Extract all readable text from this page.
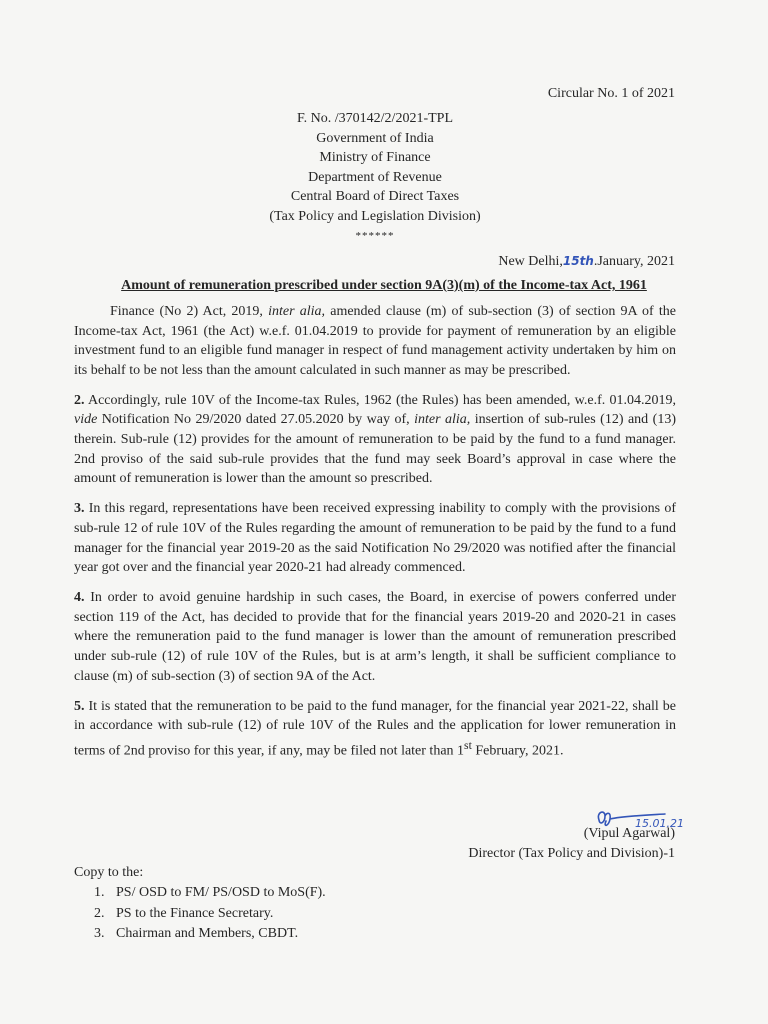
Circular No. 1 of 2021
F. No. /370142/2/2021-TPL
Government of India
Ministry of Finance
Department of Revenue
Central Board of Direct Taxes
(Tax Policy and Legislation Division)
******
New Delhi,15th.January, 2021
Amount of remuneration prescribed under section 9A(3)(m) of the Income-tax Act, 1961

Finance (No 2) Act, 2019, inter alia, amended clause (m) of sub-section (3) of section 9A of the Income-tax Act, 1961 (the Act) w.e.f. 01.04.2019 to provide for payment of remuneration by an eligible investment fund to an eligible fund manager in respect of fund management activity undertaken by him on its behalf to be not less than the amount calculated in such manner as may be prescribed.

2. Accordingly, rule 10V of the Income-tax Rules, 1962 (the Rules) has been amended, w.e.f. 01.04.2019, vide Notification No 29/2020 dated 27.05.2020 by way of, inter alia, insertion of sub-rules (12) and (13) therein. Sub-rule (12) provides for the amount of remuneration to be paid by the fund to a fund manager. 2nd proviso of the said sub-rule provides that the fund may seek Board’s approval in case where the amount of remuneration is lower than the amount so prescribed.

3. In this regard, representations have been received expressing inability to comply with the provisions of sub-rule 12 of rule 10V of the Rules regarding the amount of remuneration to be paid by the fund to a fund manager for the financial year 2019-20 as the said Notification No 29/2020 was notified after the financial year got over and the financial year 2020-21 had already commenced.

4. In order to avoid genuine hardship in such cases, the Board, in exercise of powers conferred under section 119 of the Act, has decided to provide that for the financial years 2019-20 and 2020-21 in cases where the remuneration paid to the fund manager is lower than the amount of remuneration prescribed under sub-rule (12) of rule 10V of the Rules, but is at arm’s length, it shall be sufficient compliance to clause (m) of sub-section (3) of section 9A of the Act.

5. It is stated that the remuneration to be paid to the fund manager, for the financial year 2021-22, shall be in accordance with sub-rule (12) of rule 10V of the Rules and the application for lower remuneration in terms of 2nd proviso for this year, if any, may be filed not later than 1st February, 2021.

15.01.21
(Vipul Agarwal)
Director (Tax Policy and Division)-1
Copy to the:
1. PS/ OSD to FM/ PS/OSD to MoS(F).
2. PS to the Finance Secretary.
3. Chairman and Members, CBDT.
